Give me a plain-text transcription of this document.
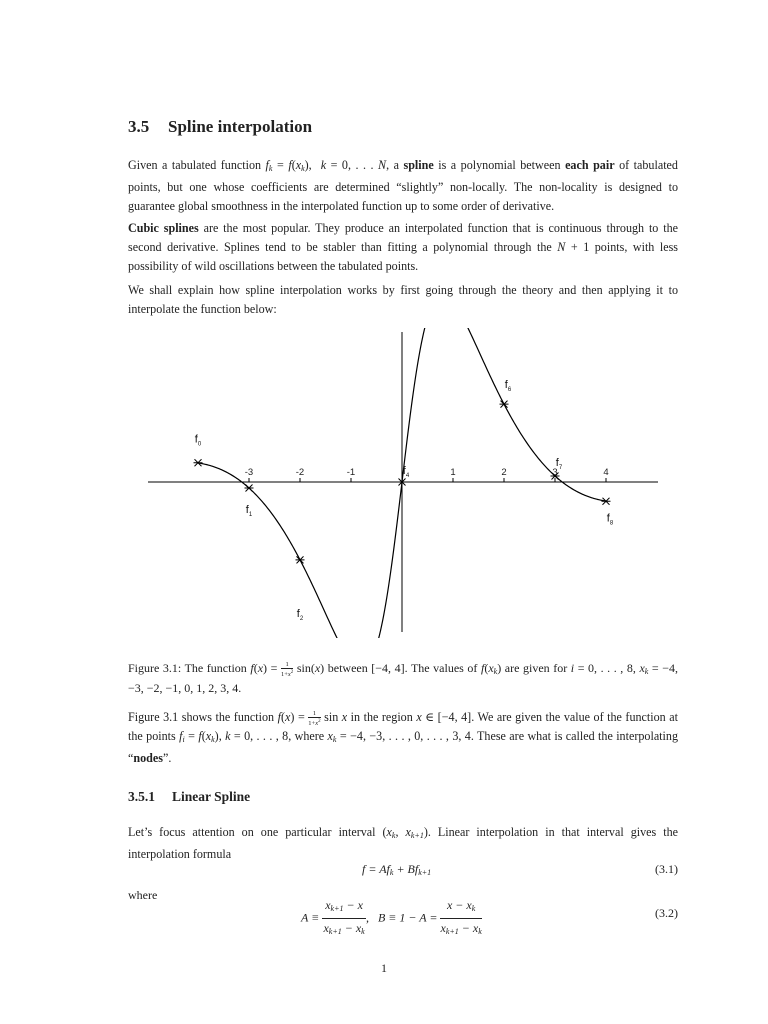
3.5 Spline interpolation

Given a tabulated function $f_k = f(x_k)$,  k = 0, . . . N, a spline is a polynomial between each pair of tabulated points, but one whose coefficients are determined “slightly” non-locally. The non-locality is designed to guarantee global smoothness in the interpolated function up to some order of derivative.

Cubic splines are the most popular. They produce an interpolated function that is continuous through to the second derivative. Splines tend to be stabler than fitting a polynomial through the N + 1 points, with less possibility of wild oscillations between the tabulated points.

We shall explain how spline interpolation works by first going through the theory and then applying it to interpolate the function below:

Figure 3.1: The function $f(x) = \frac{1}{1+x^2} \sin(x)$ between [−4, 4]. The values of $f(x_k)$ are given for i = 0, . . . , 8, $x_k = -4$, −3, −2, −1, 0, 1, 2, 3, 4.

Figure 3.1 shows the function $f(x) = \frac{1}{1+x^2}$ sin x in the region x ∈ [−4, 4]. We are given the value of the function at the points $f_i = f(x_k)$, k = 0, . . . , 8, where $x_k = -4$, −3, . . . , 0, . . . , 3, 4. These are what is called the interpolating “nodes”.

3.5.1 Linear Spline

Let’s focus attention on one particular interval ($x_k$, $x_{k+1}$). Linear interpolation in that interval gives the interpolation formula

$f = Af_k + Bf_{k+1}$	(3.1)
where
$A \equiv \frac{x_{k+1} - x}{x_{k+1} - x_k}$ ,   $B \equiv 1 - A = \frac{x - x_k}{x_{k+1} - x_k}$	(3.2)
-3	-2	-1	1	2	3	4
$f_0$
$f_1$
$f_2$
$f_4$
$f_6$
$f_7$
$f_8$
1
